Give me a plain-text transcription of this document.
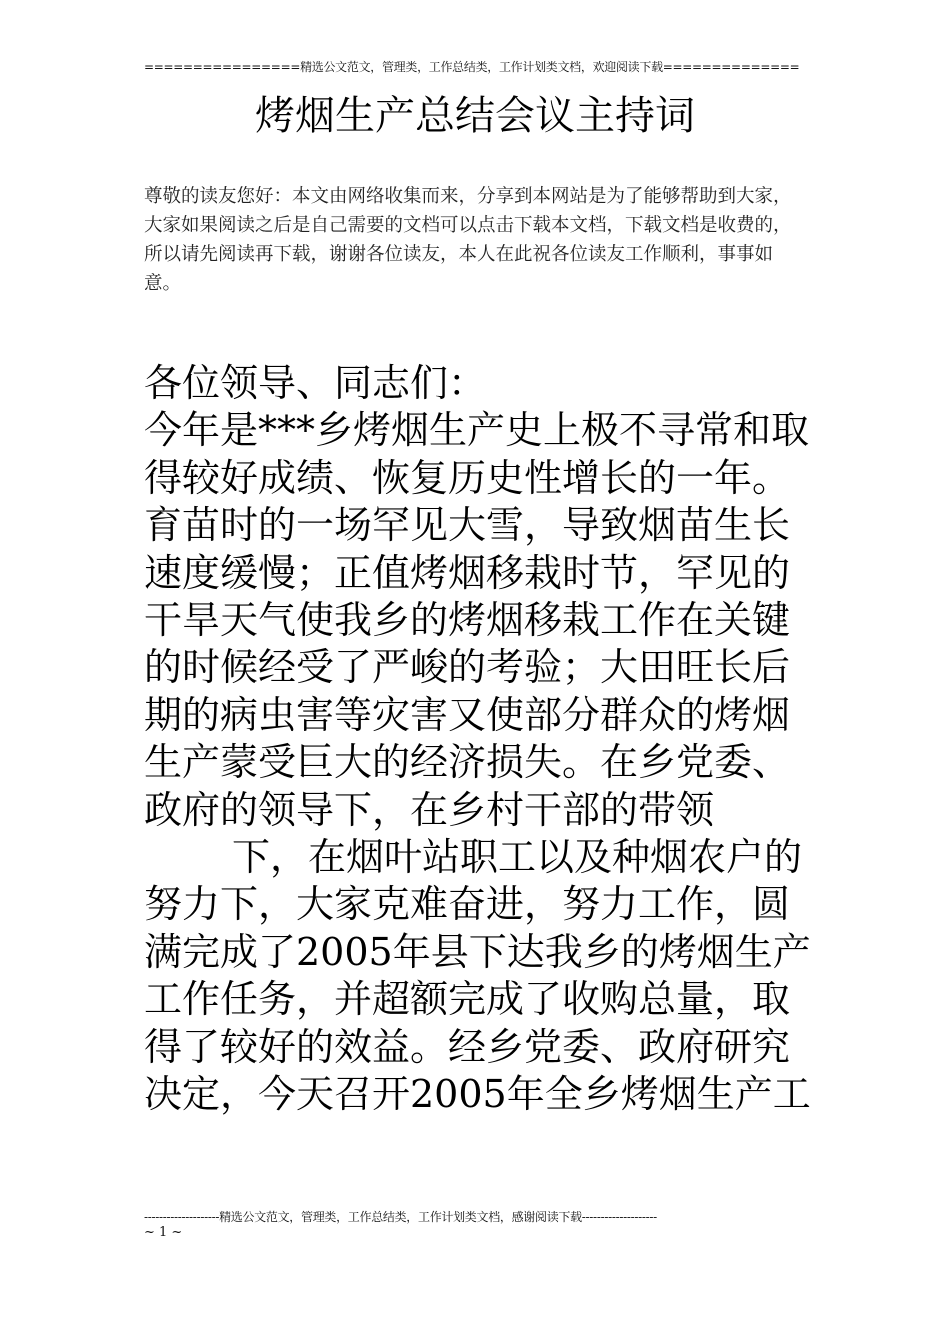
================精选公文范文，管理类，工作总结类，工作计划类文档，欢迎阅读下载==============
烤烟生产总结会议主持词
尊敬的读友您好：本文由网络收集而来，分享到本网站是为了能够帮助到大家，大家如果阅读之后是自己需要的文档可以点击下载本文档，下载文档是收费的，所以请先阅读再下载，谢谢各位读友，本人在此祝各位读友工作顺利，事事如意。

各位领导、同志们：

今年是***乡烤烟生产史上极不寻常和取得较好成绩、恢复历史性增长的一年。育苗时的一场罕见大雪，导致烟苗生长速度缓慢；正值烤烟移栽时节，罕见的干旱天气使我乡的烤烟移栽工作在关键的时候经受了严峻的考验；大田旺长后期的病虫害等灾害又使部分群众的烤烟生产蒙受巨大的经济损失。在乡党委、政府的领导下，在乡村干部的带领

下，在烟叶站职工以及种烟农户的努力下，大家克难奋进，努力工作，圆满完成了2005年县下达我乡的烤烟生产工作任务，并超额完成了收购总量，取得了较好的效益。经乡党委、政府研究决定，今天召开2005年全乡烤烟生产工

--------------------精选公文范文，管理类，工作总结类，工作计划类文档，感谢阅读下载--------------------
~ 1 ~
